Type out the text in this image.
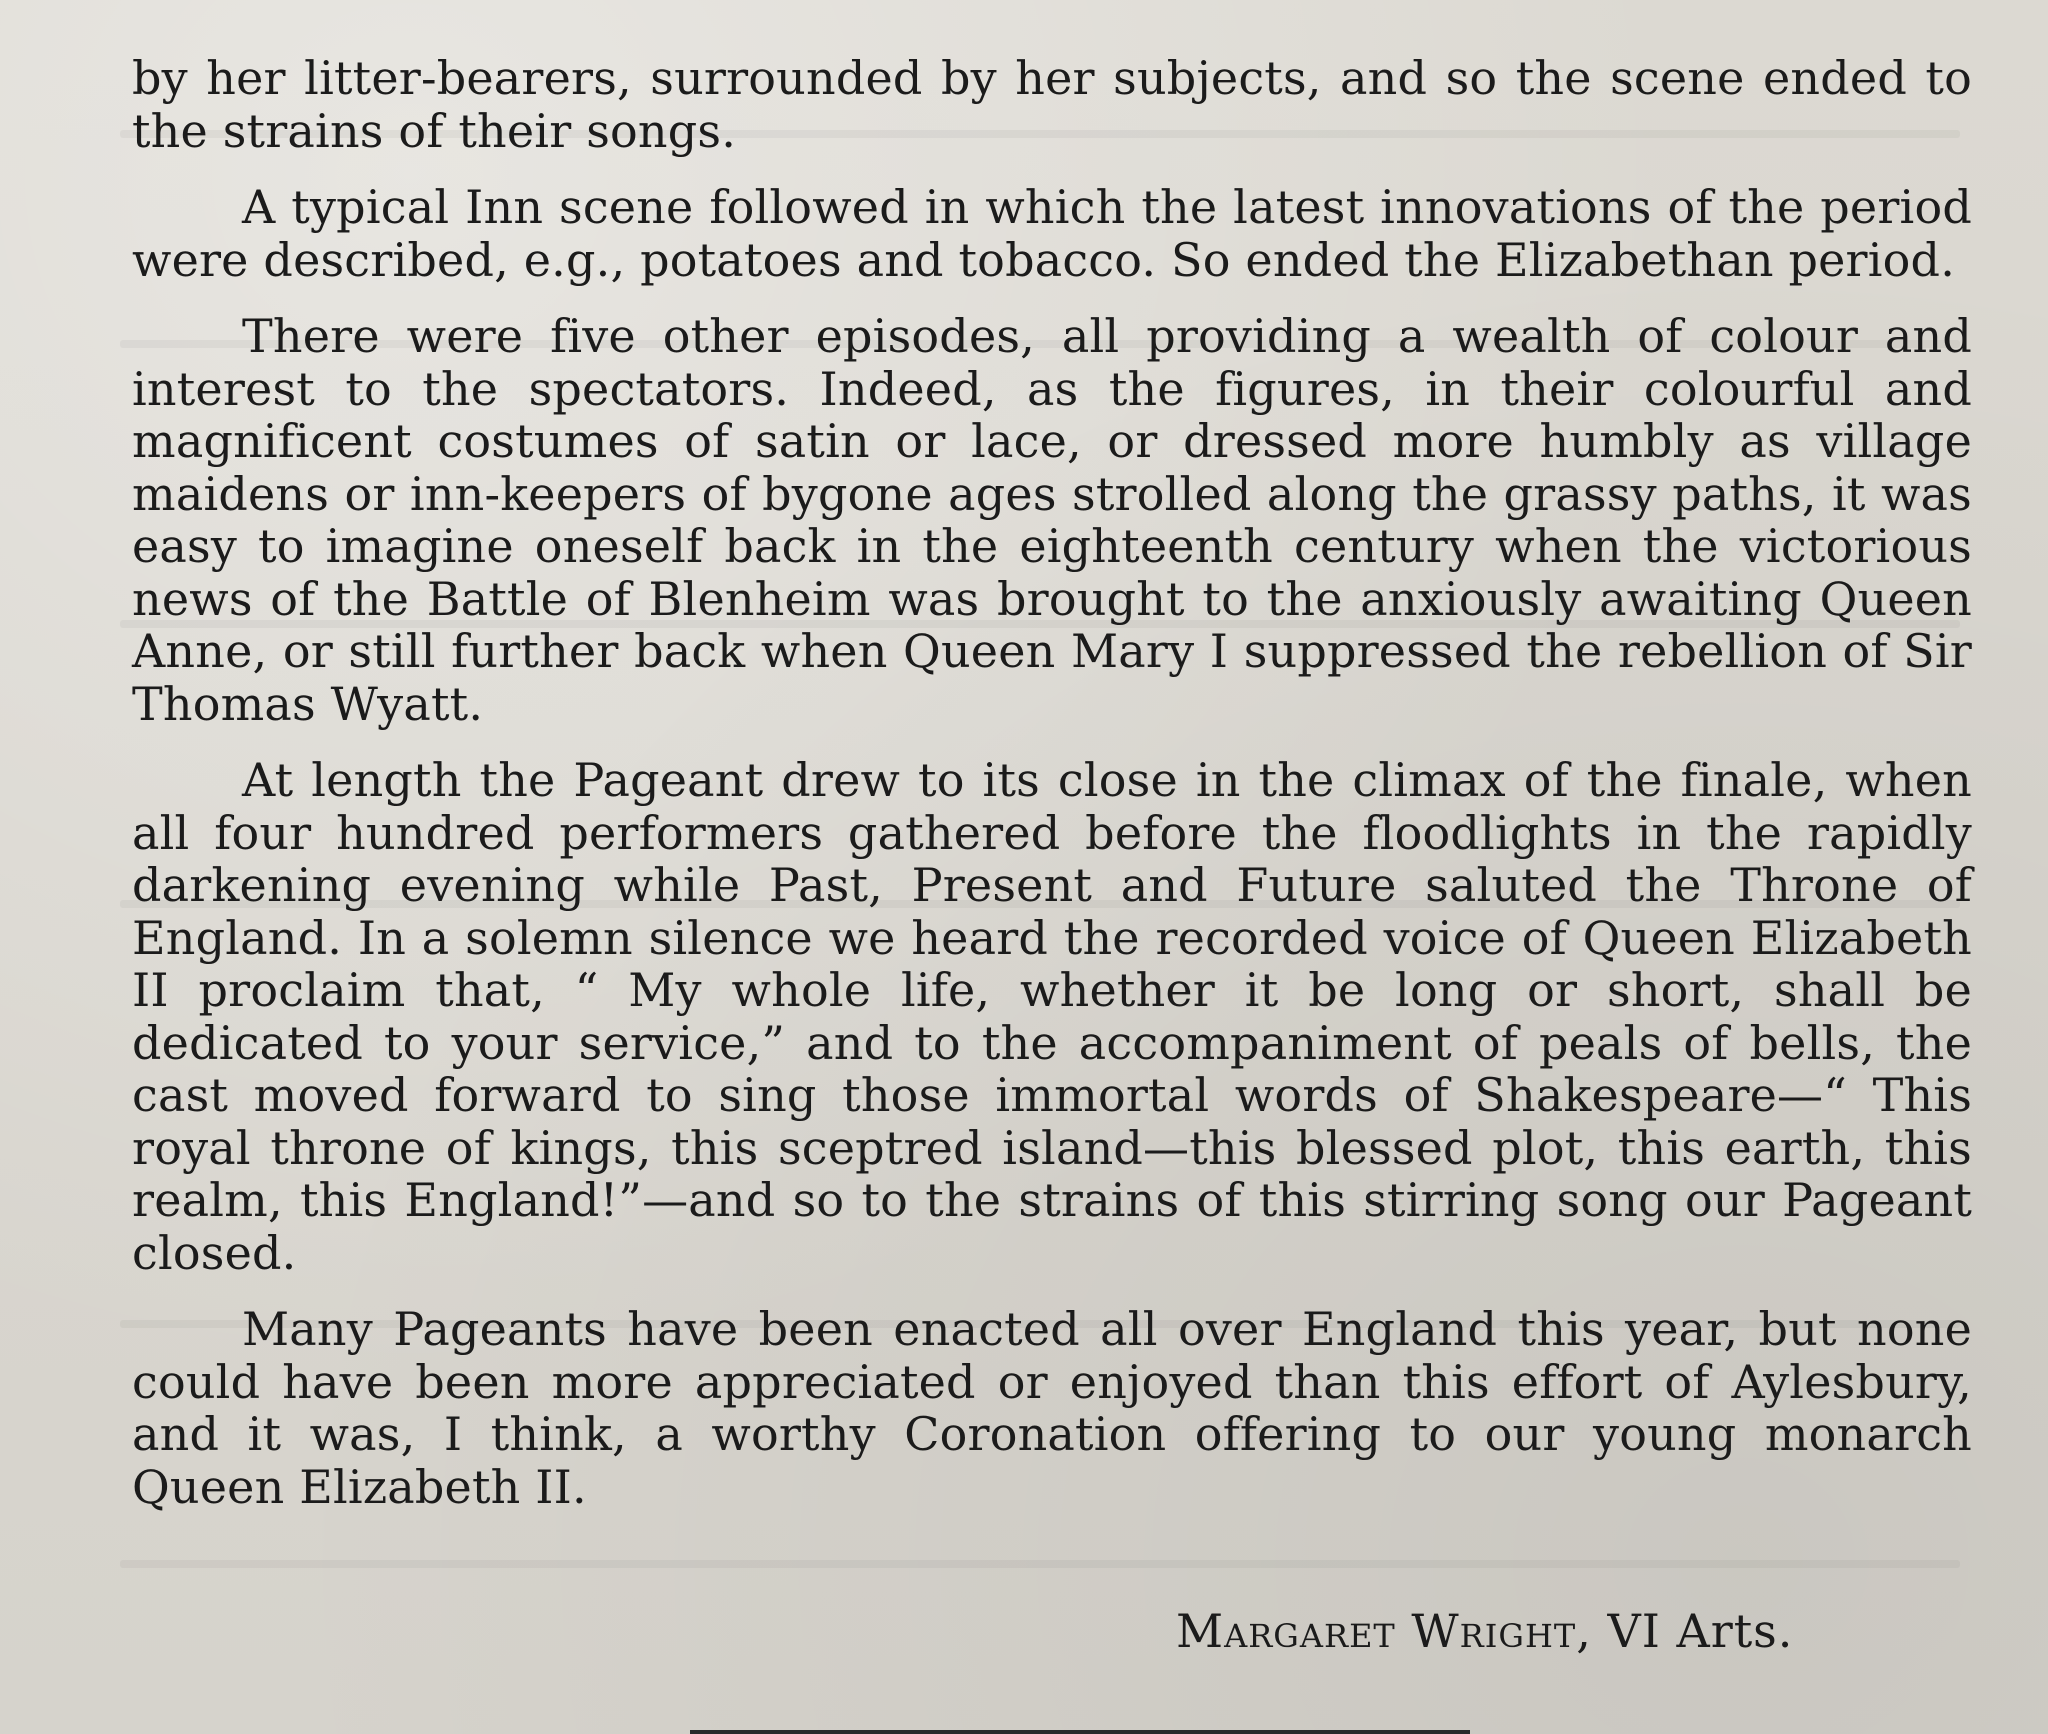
by her litter-bearers, surrounded by her subjects, and so the scene ended to the strains of their songs.

A typical Inn scene followed in which the latest innovations of the period were described, e.g., potatoes and tobacco. So ended the Elizabethan period.

There were five other episodes, all providing a wealth of colour and interest to the spectators. Indeed, as the figures, in their colourful and magnificent costumes of satin or lace, or dressed more humbly as village maidens or inn-keepers of bygone ages strolled along the grassy paths, it was easy to imagine oneself back in the eighteenth century when the victorious news of the Battle of Blenheim was brought to the anxiously awaiting Queen Anne, or still further back when Queen Mary I suppressed the rebellion of Sir Thomas Wyatt.

At length the Pageant drew to its close in the climax of the finale, when all four hundred performers gathered before the floodlights in the rapidly darkening evening while Past, Present and Future saluted the Throne of England. In a solemn silence we heard the recorded voice of Queen Elizabeth II proclaim that, “ My whole life, whether it be long or short, shall be dedicated to your service,” and to the accompaniment of peals of bells, the cast moved forward to sing those immortal words of Shakespeare—“ This royal throne of kings, this sceptred island—this blessed plot, this earth, this realm, this England!”—and so to the strains of this stirring song our Pageant closed.

Many Pageants have been enacted all over England this year, but none could have been more appreciated or enjoyed than this effort of Aylesbury, and it was, I think, a worthy Coronation offering to our young monarch Queen Elizabeth II.

Margaret Wright, VI Arts.
